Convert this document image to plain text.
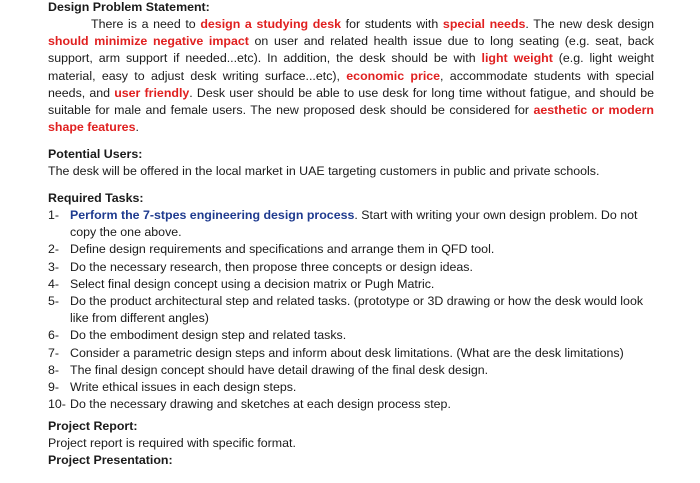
Design Problem Statement:
There is a need to design a studying desk for students with special needs. The new desk design should minimize negative impact on user and related health issue due to long seating (e.g. seat, back support, arm support if needed...etc). In addition, the desk should be with light weight (e.g. light weight material, easy to adjust desk writing surface...etc), economic price, accommodate students with special needs, and user friendly. Desk user should be able to use desk for long time without fatigue, and should be suitable for male and female users. The new proposed desk should be considered for aesthetic or modern shape features.
Potential Users:
The desk will be offered in the local market in UAE targeting customers in public and private schools.
Required Tasks:
1- Perform the 7-stpes engineering design process. Start with writing your own design problem. Do not copy the one above.
2- Define design requirements and specifications and arrange them in QFD tool.
3- Do the necessary research, then propose three concepts or design ideas.
4- Select final design concept using a decision matrix or Pugh Matric.
5- Do the product architectural step and related tasks. (prototype or 3D drawing or how the desk would look like from different angles)
6- Do the embodiment design step and related tasks.
7- Consider a parametric design steps and inform about desk limitations. (What are the desk limitations)
8- The final design concept should have detail drawing of the final desk design.
9- Write ethical issues in each design steps.
10- Do the necessary drawing and sketches at each design process step.
Project Report:
Project report is required with specific format.
Project Presentation:
